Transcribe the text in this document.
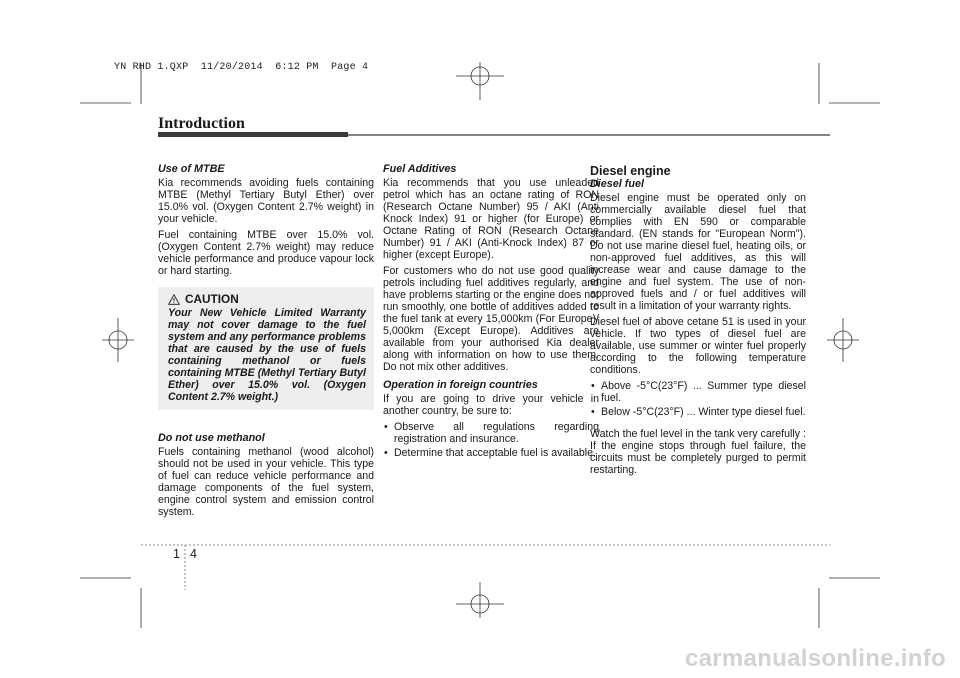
YN RHD 1.QXP  11/20/2014  6:12 PM  Page 4
Introduction
Use of MTBE

Kia recommends avoiding fuels containing MTBE (Methyl Tertiary Butyl Ether) over 15.0% vol. (Oxygen Content 2.7% weight) in your vehicle.

Fuel containing MTBE over 15.0% vol. (Oxygen Content 2.7% weight) may reduce vehicle performance and produce vapour lock or hard starting.

CAUTION
Your New Vehicle Limited Warranty may not cover damage to the fuel system and any performance problems that are caused by the use of fuels containing methanol or fuels containing MTBE (Methyl Tertiary Butyl Ether) over 15.0% vol. (Oxygen Content 2.7% weight.)
Do not use methanol

Fuels containing methanol (wood alcohol) should not be used in your vehicle. This type of fuel can reduce vehicle performance and damage components of the fuel system, engine control system and emission control system.

Fuel Additives

Kia recommends that you use unleaded petrol which has an octane rating of RON (Research Octane Number) 95 / AKI (Anti Knock Index) 91 or higher (for Europe) or Octane Rating of RON (Research Octane Number) 91 / AKI (Anti-Knock Index) 87 or higher (except Europe).

For customers who do not use good quality petrols including fuel additives regularly, and have problems starting or the engine does not run smoothly, one bottle of additives added to the fuel tank at every 15,000km (For Europe)/ 5,000km (Except Europe). Additives are available from your authorised Kia dealer along with information on how to use them. Do not mix other additives.

Operation in foreign countries

If you are going to drive your vehicle in another country, be sure to:

• Observe all regulations regarding registration and insurance.
• Determine that acceptable fuel is available.
Diesel engine
Diesel fuel

Diesel engine must be operated only on commercially available diesel fuel that complies with EN 590 or comparable standard. (EN stands for "European Norm"). Do not use marine diesel fuel, heating oils, or non-approved fuel additives, as this will increase wear and cause damage to the engine and fuel system. The use of non-approved fuels and / or fuel additives will result in a limitation of your warranty rights.

Diesel fuel of above cetane 51 is used in your vehicle. If two types of diesel fuel are available, use summer or winter fuel properly according to the following temperature conditions.

• Above -5°C(23°F) ... Summer type diesel fuel.
• Below -5°C(23°F) ... Winter type diesel fuel.

Watch the fuel level in the tank very carefully : If the engine stops through fuel failure, the circuits must be completely purged to permit restarting.

1 4
carmanualsonline.info
